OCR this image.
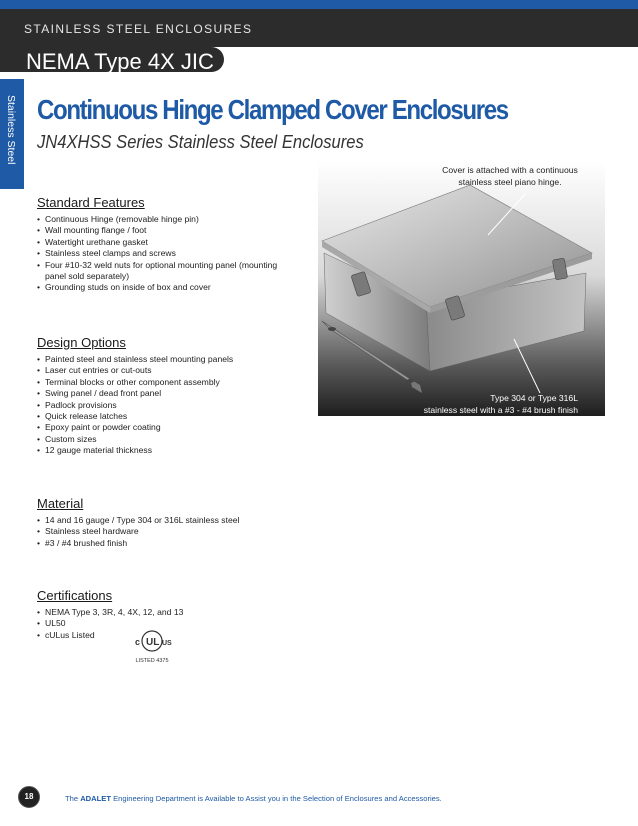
STAINLESS STEEL ENCLOSURES
NEMA Type 4X JIC
Stainless Steel Continuous Hinge Clamped Cover Enclosures
JN4XHSS Series Stainless Steel Enclosures
Standard Features
• Continuous Hinge (removable hinge pin)
• Wall mounting flange / foot
• Watertight urethane gasket
• Stainless steel clamps and screws
• Four #10-32 weld nuts for optional mounting panel (mounting panel sold separately)
• Grounding studs on inside of box and cover
Design Options
• Painted steel and stainless steel mounting panels
• Laser cut entries or cut-outs
• Terminal blocks or other component assembly
• Swing panel / dead front panel
• Padlock provisions
• Quick release latches
• Epoxy paint or powder coating
• Custom sizes
• 12 gauge material thickness
Material
• 14 and 16 gauge / Type 304 or 316L stainless steel
• Stainless steel hardware
• #3 / #4 brushed finish
Certifications
• NEMA Type 3, 3R, 4, 4X, 12, and 13
• UL50
• cULus Listed
c UL US
LISTED 4375
Cover is attached with a continuous
stainless steel piano hinge.
Type 304 or Type 316L
stainless steel with a #3 - #4 brush finish
18	The ADALET Engineering Department is Available to Assist you in the Selection of Enclosures and Accessories.
